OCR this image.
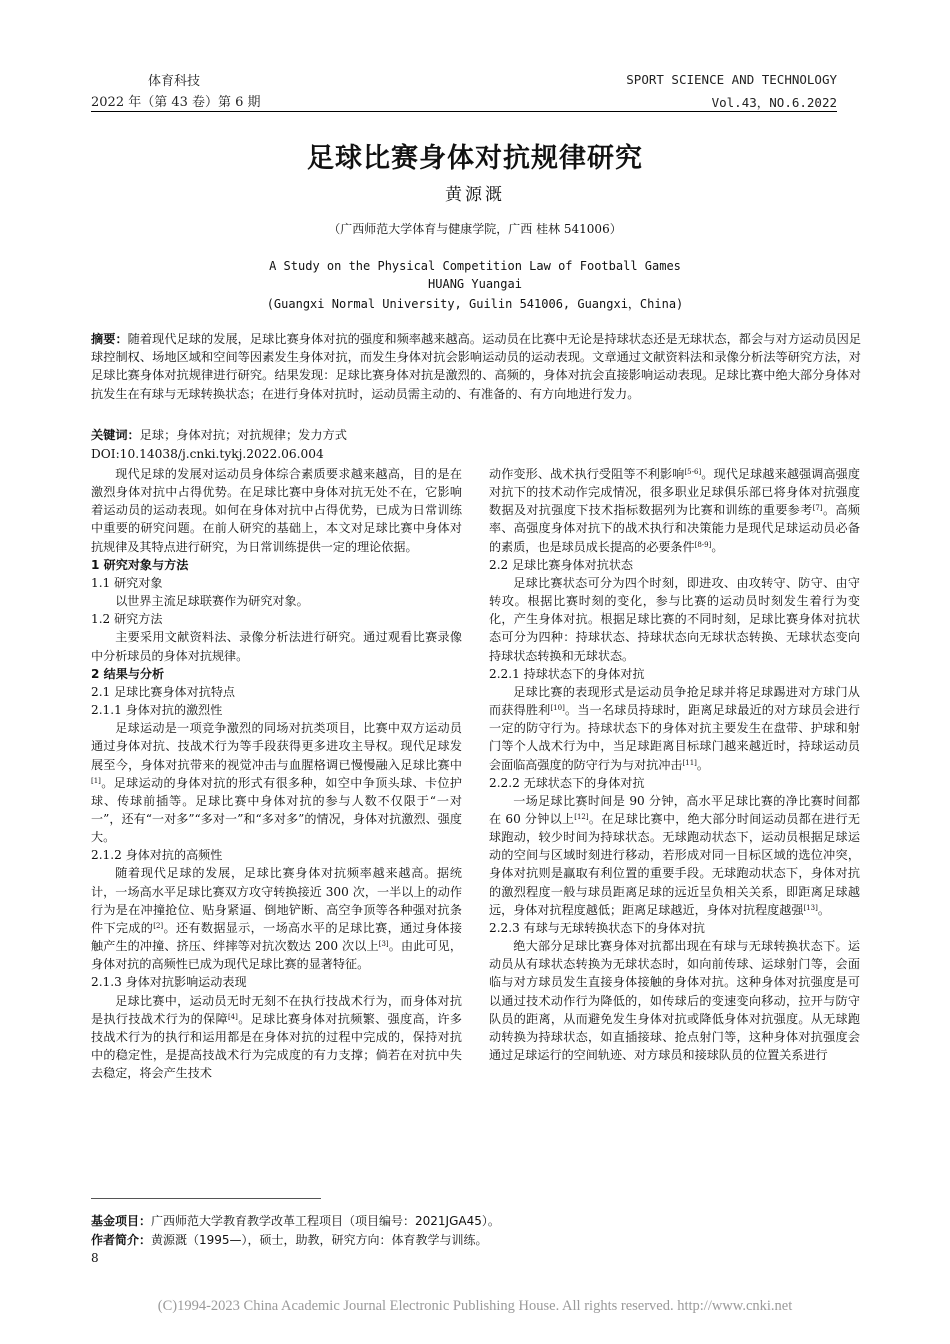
体育科技
2022 年（第 43 卷）第 6 期
SPORT SCIENCE AND TECHNOLOGY
Vol.43，NO.6.2022
足球比赛身体对抗规律研究
黄源溉
（广西师范大学体育与健康学院，广西 桂林 541006）
A Study on the Physical Competition Law of Football Games
HUANG Yuangai
(Guangxi Normal University, Guilin 541006, Guangxi，China)
摘要：随着现代足球的发展，足球比赛身体对抗的强度和频率越来越高。运动员在比赛中无论是持球状态还是无球状态，都会与对方运动员因足球控制权、场地区域和空间等因素发生身体对抗，而发生身体对抗会影响运动员的运动表现。文章通过文献资料法和录像分析法等研究方法，对足球比赛身体对抗规律进行研究。结果发现：足球比赛身体对抗是激烈的、高频的，身体对抗会直接影响运动表现。足球比赛中绝大部分身体对抗发生在有球与无球转换状态；在进行身体对抗时，运动员需主动的、有准备的、有方向地进行发力。
关键词：足球；身体对抗；对抗规律；发力方式
DOI:10.14038/j.cnki.tykj.2022.06.004

现代足球的发展对运动员身体综合素质要求越来越高，目的是在激烈身体对抗中占得优势。在足球比赛中身体对抗无处不在，它影响着运动员的运动表现。如何在身体对抗中占得优势，已成为日常训练中重要的研究问题。在前人研究的基础上，本文对足球比赛中身体对抗规律及其特点进行研究，为日常训练提供一定的理论依据。

1 研究对象与方法
1.1 研究对象

以世界主流足球联赛作为研究对象。

1.2 研究方法

主要采用文献资料法、录像分析法进行研究。通过观看比赛录像中分析球员的身体对抗规律。

2 结果与分析
2.1 足球比赛身体对抗特点
2.1.1 身体对抗的激烈性

足球运动是一项竞争激烈的同场对抗类项目，比赛中双方运动员通过身体对抗、技战术行为等手段获得更多进攻主导权。现代足球发展至今，身体对抗带来的视觉冲击与血腥格调已慢慢融入足球比赛中[1]。足球运动的身体对抗的形式有很多种，如空中争顶头球、卡位护球、传球前插等。足球比赛中身体对抗的参与人数不仅限于“一对一”，还有“一对多”“多对一”和“多对多”的情况，身体对抗激烈、强度大。

2.1.2 身体对抗的高频性

随着现代足球的发展，足球比赛身体对抗频率越来越高。据统计，一场高水平足球比赛双方攻守转换接近 300 次，一半以上的动作行为是在冲撞抢位、贴身紧逼、倒地铲断、高空争顶等各种强对抗条件下完成的[2]。还有数据显示，一场高水平的足球比赛，通过身体接触产生的冲撞、挤压、绊摔等对抗次数达 200 次以上[3]。由此可见，身体对抗的高频性已成为现代足球比赛的显著特征。

2.1.3 身体对抗影响运动表现

足球比赛中，运动员无时无刻不在执行技战术行为，而身体对抗是执行技战术行为的保障[4]。足球比赛身体对抗频繁、强度高，许多技战术行为的执行和运用都是在身体对抗的过程中完成的，保持对抗中的稳定性，是提高技战术行为完成度的有力支撑；倘若在对抗中失去稳定，将会产生技术

动作变形、战术执行受阻等不利影响[5-6]。现代足球越来越强调高强度对抗下的技术动作完成情况，很多职业足球俱乐部已将身体对抗强度数据及对抗强度下技术指标数据列为比赛和训练的重要参考[7]。高频率、高强度身体对抗下的战术执行和决策能力是现代足球运动员必备的素质，也是球员成长提高的必要条件[8-9]。

2.2 足球比赛身体对抗状态

足球比赛状态可分为四个时刻，即进攻、由攻转守、防守、由守转攻。根据比赛时刻的变化，参与比赛的运动员时刻发生着行为变化，产生身体对抗。根据足球比赛的不同时刻，足球比赛身体对抗状态可分为四种：持球状态、持球状态向无球状态转换、无球状态变向持球状态转换和无球状态。

2.2.1 持球状态下的身体对抗

足球比赛的表现形式是运动员争抢足球并将足球踢进对方球门从而获得胜利[10]。当一名球员持球时，距离足球最近的对方球员会进行一定的防守行为。持球状态下的身体对抗主要发生在盘带、护球和射门等个人战术行为中，当足球距离目标球门越来越近时，持球运动员会面临高强度的防守行为与对抗冲击[11]。

2.2.2 无球状态下的身体对抗

一场足球比赛时间是 90 分钟，高水平足球比赛的净比赛时间都在 60 分钟以上[12]。在足球比赛中，绝大部分时间运动员都在进行无球跑动，较少时间为持球状态。无球跑动状态下，运动员根据足球运动的空间与区域时刻进行移动，若形成对同一目标区域的选位冲突，身体对抗则是赢取有利位置的重要手段。无球跑动状态下，身体对抗的激烈程度一般与球员距离足球的远近呈负相关关系，即距离足球越远，身体对抗程度越低；距离足球越近，身体对抗程度越强[13]。

2.2.3 有球与无球转换状态下的身体对抗

绝大部分足球比赛身体对抗都出现在有球与无球转换状态下。运动员从有球状态转换为无球状态时，如向前传球、运球射门等，会面临与对方球员发生直接身体接触的身体对抗。这种身体对抗强度是可以通过技术动作行为降低的，如传球后的变速变向移动，拉开与防守队员的距离，从而避免发生身体对抗或降低身体对抗强度。从无球跑动转换为持球状态，如直插接球、抢点射门等，这种身体对抗强度会通过足球运行的空间轨迹、对方球员和接球队员的位置关系进行

基金项目：广西师范大学教育教学改革工程项目（项目编号：2021JGA45）。
作者简介：黄源溉（1995—），硕士，助教，研究方向：体育教学与训练。
8
(C)1994-2023 China Academic Journal Electronic Publishing House. All rights reserved. http://www.cnki.net
